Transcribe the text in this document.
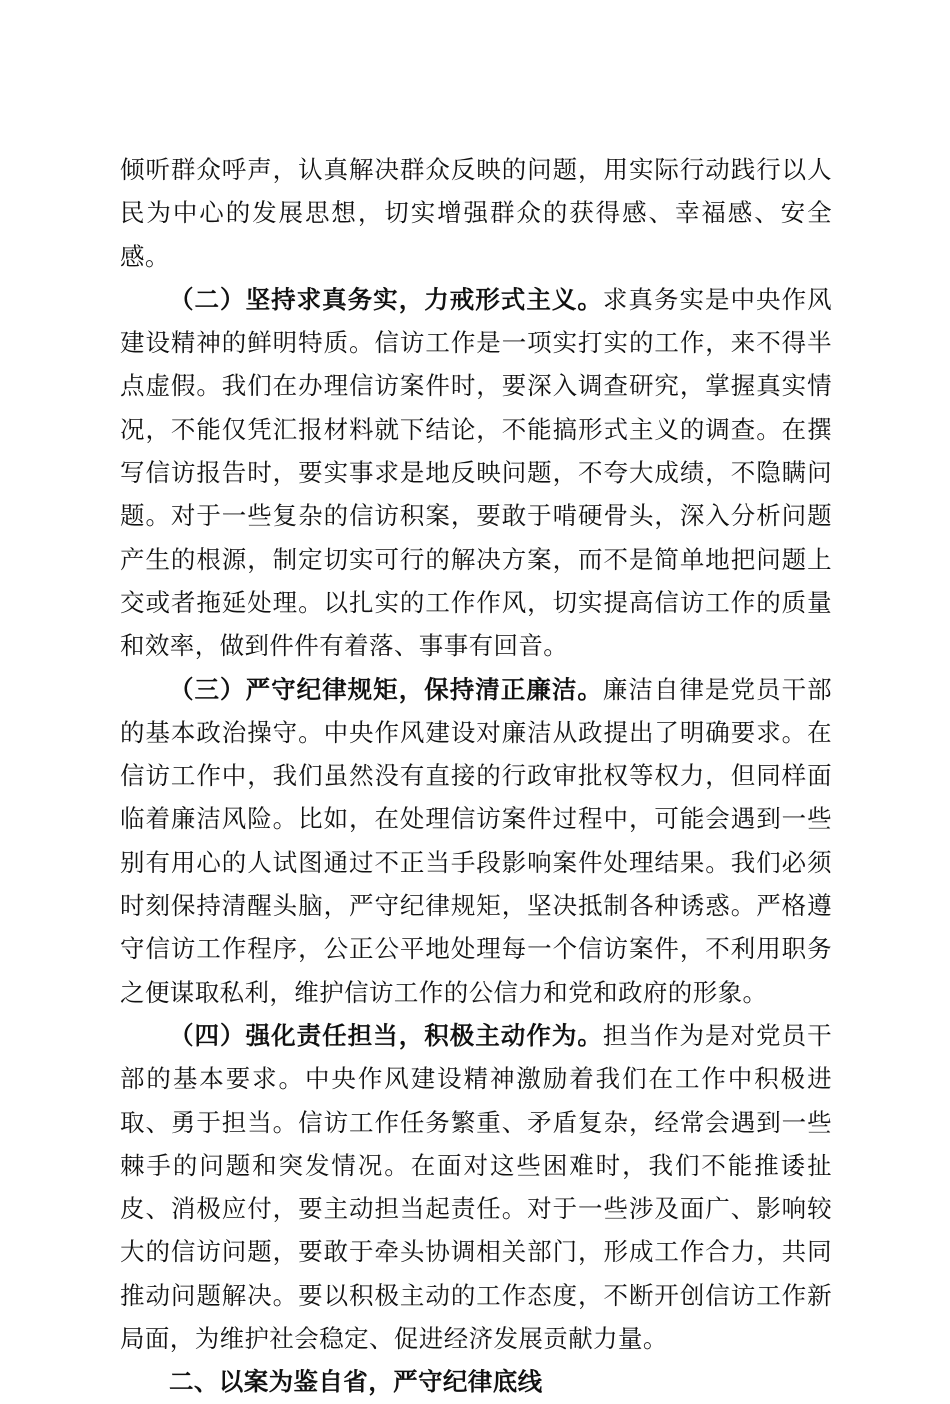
倾听群众呼声，认真解决群众反映的问题，用实际行动践行以人民为中心的发展思想，切实增强群众的获得感、幸福感、安全感。

（二）坚持求真务实，力戒形式主义。求真务实是中央作风建设精神的鲜明特质。信访工作是一项实打实的工作，来不得半点虚假。我们在办理信访案件时，要深入调查研究，掌握真实情况，不能仅凭汇报材料就下结论，不能搞形式主义的调查。在撰写信访报告时，要实事求是地反映问题，不夸大成绩，不隐瞒问题。对于一些复杂的信访积案，要敢于啃硬骨头，深入分析问题产生的根源，制定切实可行的解决方案，而不是简单地把问题上交或者拖延处理。以扎实的工作作风，切实提高信访工作的质量和效率，做到件件有着落、事事有回音。

（三）严守纪律规矩，保持清正廉洁。廉洁自律是党员干部的基本政治操守。中央作风建设对廉洁从政提出了明确要求。在信访工作中，我们虽然没有直接的行政审批权等权力，但同样面临着廉洁风险。比如，在处理信访案件过程中，可能会遇到一些别有用心的人试图通过不正当手段影响案件处理结果。我们必须时刻保持清醒头脑，严守纪律规矩，坚决抵制各种诱惑。严格遵守信访工作程序，公正公平地处理每一个信访案件，不利用职务之便谋取私利，维护信访工作的公信力和党和政府的形象。

（四）强化责任担当，积极主动作为。担当作为是对党员干部的基本要求。中央作风建设精神激励着我们在工作中积极进取、勇于担当。信访工作任务繁重、矛盾复杂，经常会遇到一些棘手的问题和突发情况。在面对这些困难时，我们不能推诿扯皮、消极应付，要主动担当起责任。对于一些涉及面广、影响较大的信访问题，要敢于牵头协调相关部门，形成工作合力，共同推动问题解决。要以积极主动的工作态度，不断开创信访工作新局面，为维护社会稳定、促进经济发展贡献力量。

二、以案为鉴自省，严守纪律底线
